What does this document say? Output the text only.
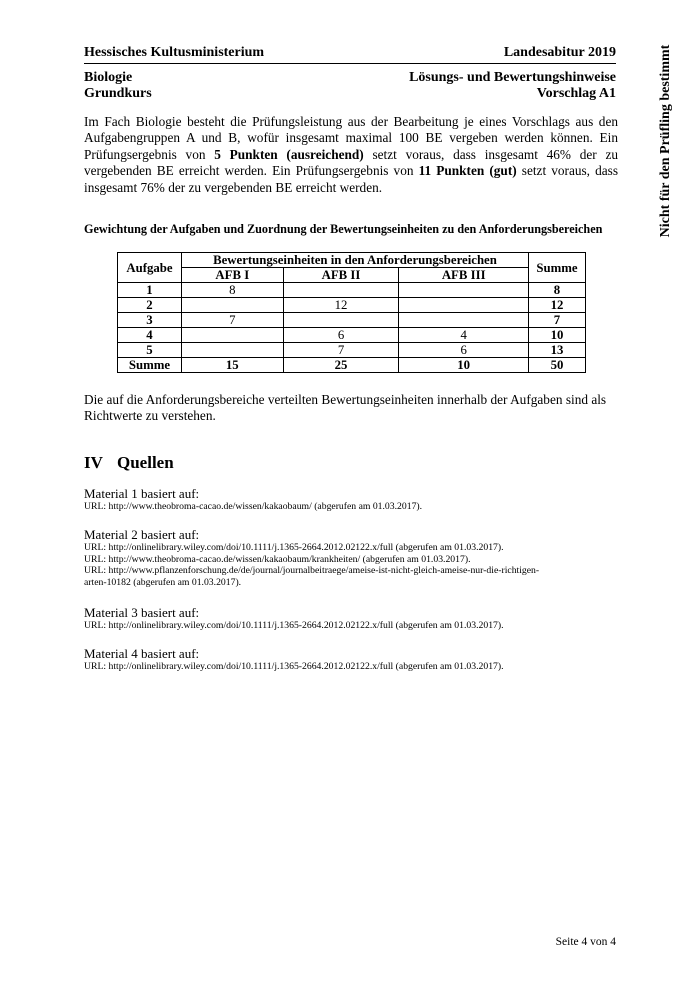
Hessisches Kultusministerium	Landesabitur 2019
Biologie
Grundkurs
Lösungs- und Bewertungshinweise
Vorschlag A1	Nicht für den Prüfling bestimmt

Im Fach Biologie besteht die Prüfungsleistung aus der Bearbeitung je eines Vorschlags aus den Aufgabengruppen A und B, wofür insgesamt maximal 100 BE vergeben werden können. Ein Prüfungsergebnis von 5 Punkten (ausreichend) setzt voraus, dass insgesamt 46% der zu vergebenden BE erreicht werden. Ein Prüfungsergebnis von 11 Punkten (gut) setzt voraus, dass insgesamt 76% der zu vergebenden BE erreicht werden.

Gewichtung der Aufgaben und Zuordnung der Bewertungseinheiten zu den Anforderungsbereichen
Aufgabe	Bewertungseinheiten in den Anforderungsbereichen			Summe
	AFB I	AFB II	AFB III	
1	8			8
2		12		12
3	7			7
4		6	4	10
5		7	6	13
Summe	15	25	10	50

Die auf die Anforderungsbereiche verteilten Bewertungseinheiten innerhalb der Aufgaben sind als Richtwerte zu verstehen.

IV Quellen
Material 1 basiert auf:
URL: http://www.theobroma-cacao.de/wissen/kakaobaum/ (abgerufen am 01.03.2017).
Material 2 basiert auf:
URL: http://onlinelibrary.wiley.com/doi/10.1111/j.1365-2664.2012.02122.x/full (abgerufen am 01.03.2017).
URL: http://www.theobroma-cacao.de/wissen/kakaobaum/krankheiten/ (abgerufen am 01.03.2017).
URL: http://www.pflanzenforschung.de/de/journal/journalbeitraege/ameise-ist-nicht-gleich-ameise-nur-die-richtigen-arten-10182 (abgerufen am 01.03.2017).
Material 3 basiert auf:
URL: http://onlinelibrary.wiley.com/doi/10.1111/j.1365-2664.2012.02122.x/full (abgerufen am 01.03.2017).
Material 4 basiert auf:
URL: http://onlinelibrary.wiley.com/doi/10.1111/j.1365-2664.2012.02122.x/full (abgerufen am 01.03.2017).
Seite 4 von 4
